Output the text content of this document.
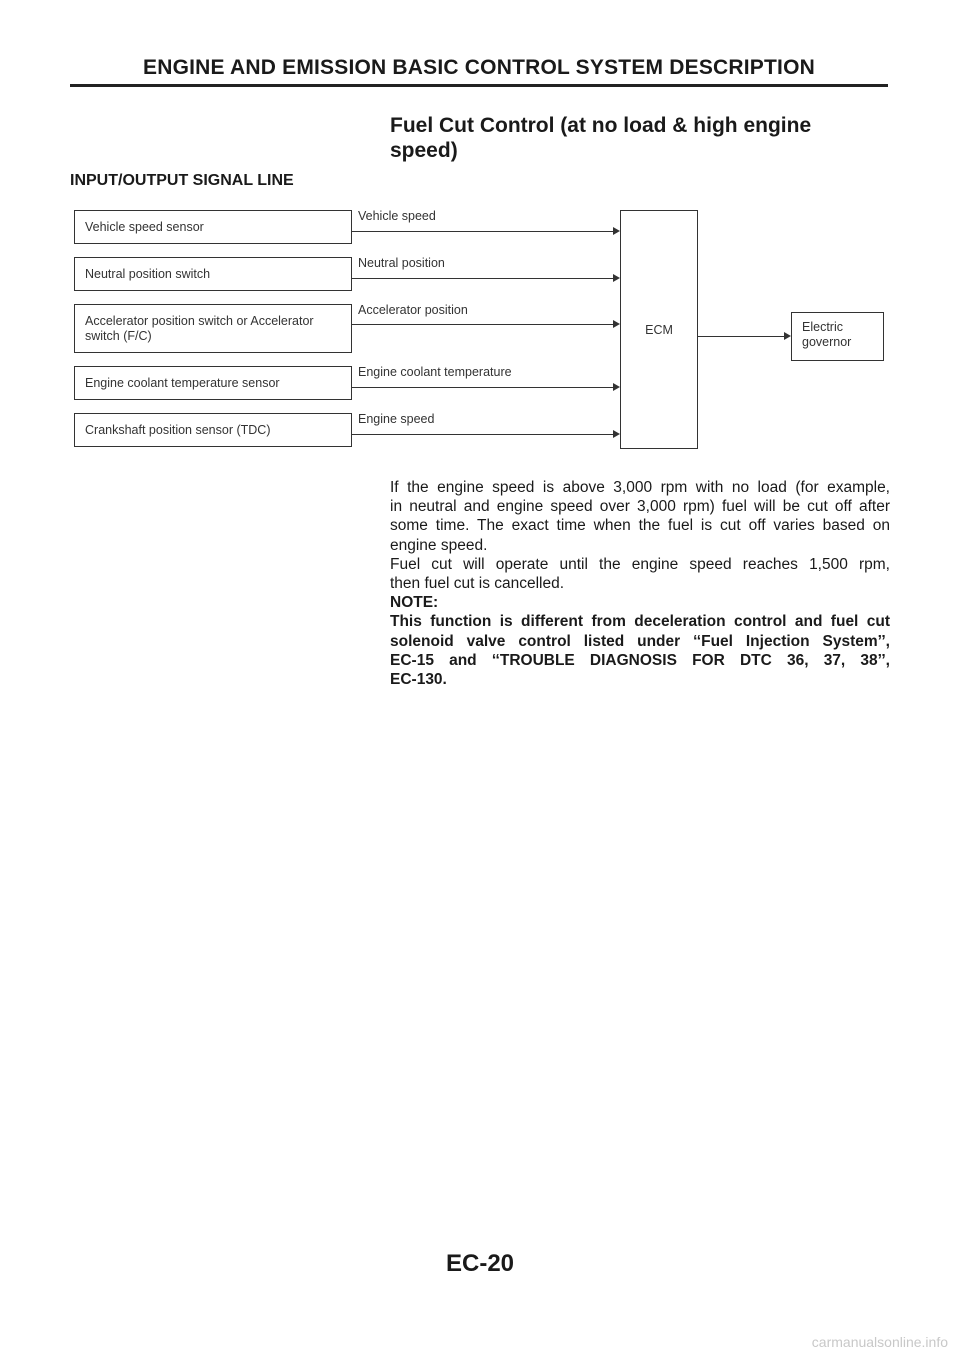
ENGINE AND EMISSION BASIC CONTROL SYSTEM DESCRIPTION
Fuel Cut Control (at no load & high engine
speed)
INPUT/OUTPUT SIGNAL LINE
Vehicle speed sensor
Vehicle speed
Neutral position switch
Neutral position
Accelerator position switch or Accelerator
switch (F/C)
Accelerator position
Engine coolant temperature sensor
Engine coolant temperature
Crankshaft position sensor (TDC)
Engine speed
ECM	Electric
governor

If the engine speed is above 3,000 rpm with no load (for example,
in neutral and engine speed over 3,000 rpm) fuel will be cut off after
some time. The exact time when the fuel is cut off varies based on
engine speed.

Fuel cut will operate until the engine speed reaches 1,500 rpm,
then fuel cut is cancelled.

NOTE:

This function is different from deceleration control and fuel cut
solenoid valve control listed under ‘‘Fuel Injection System’’,
EC-15 and ‘‘TROUBLE DIAGNOSIS FOR DTC 36, 37, 38’’,
EC-130.

EC-20
carmanualsonline.info
